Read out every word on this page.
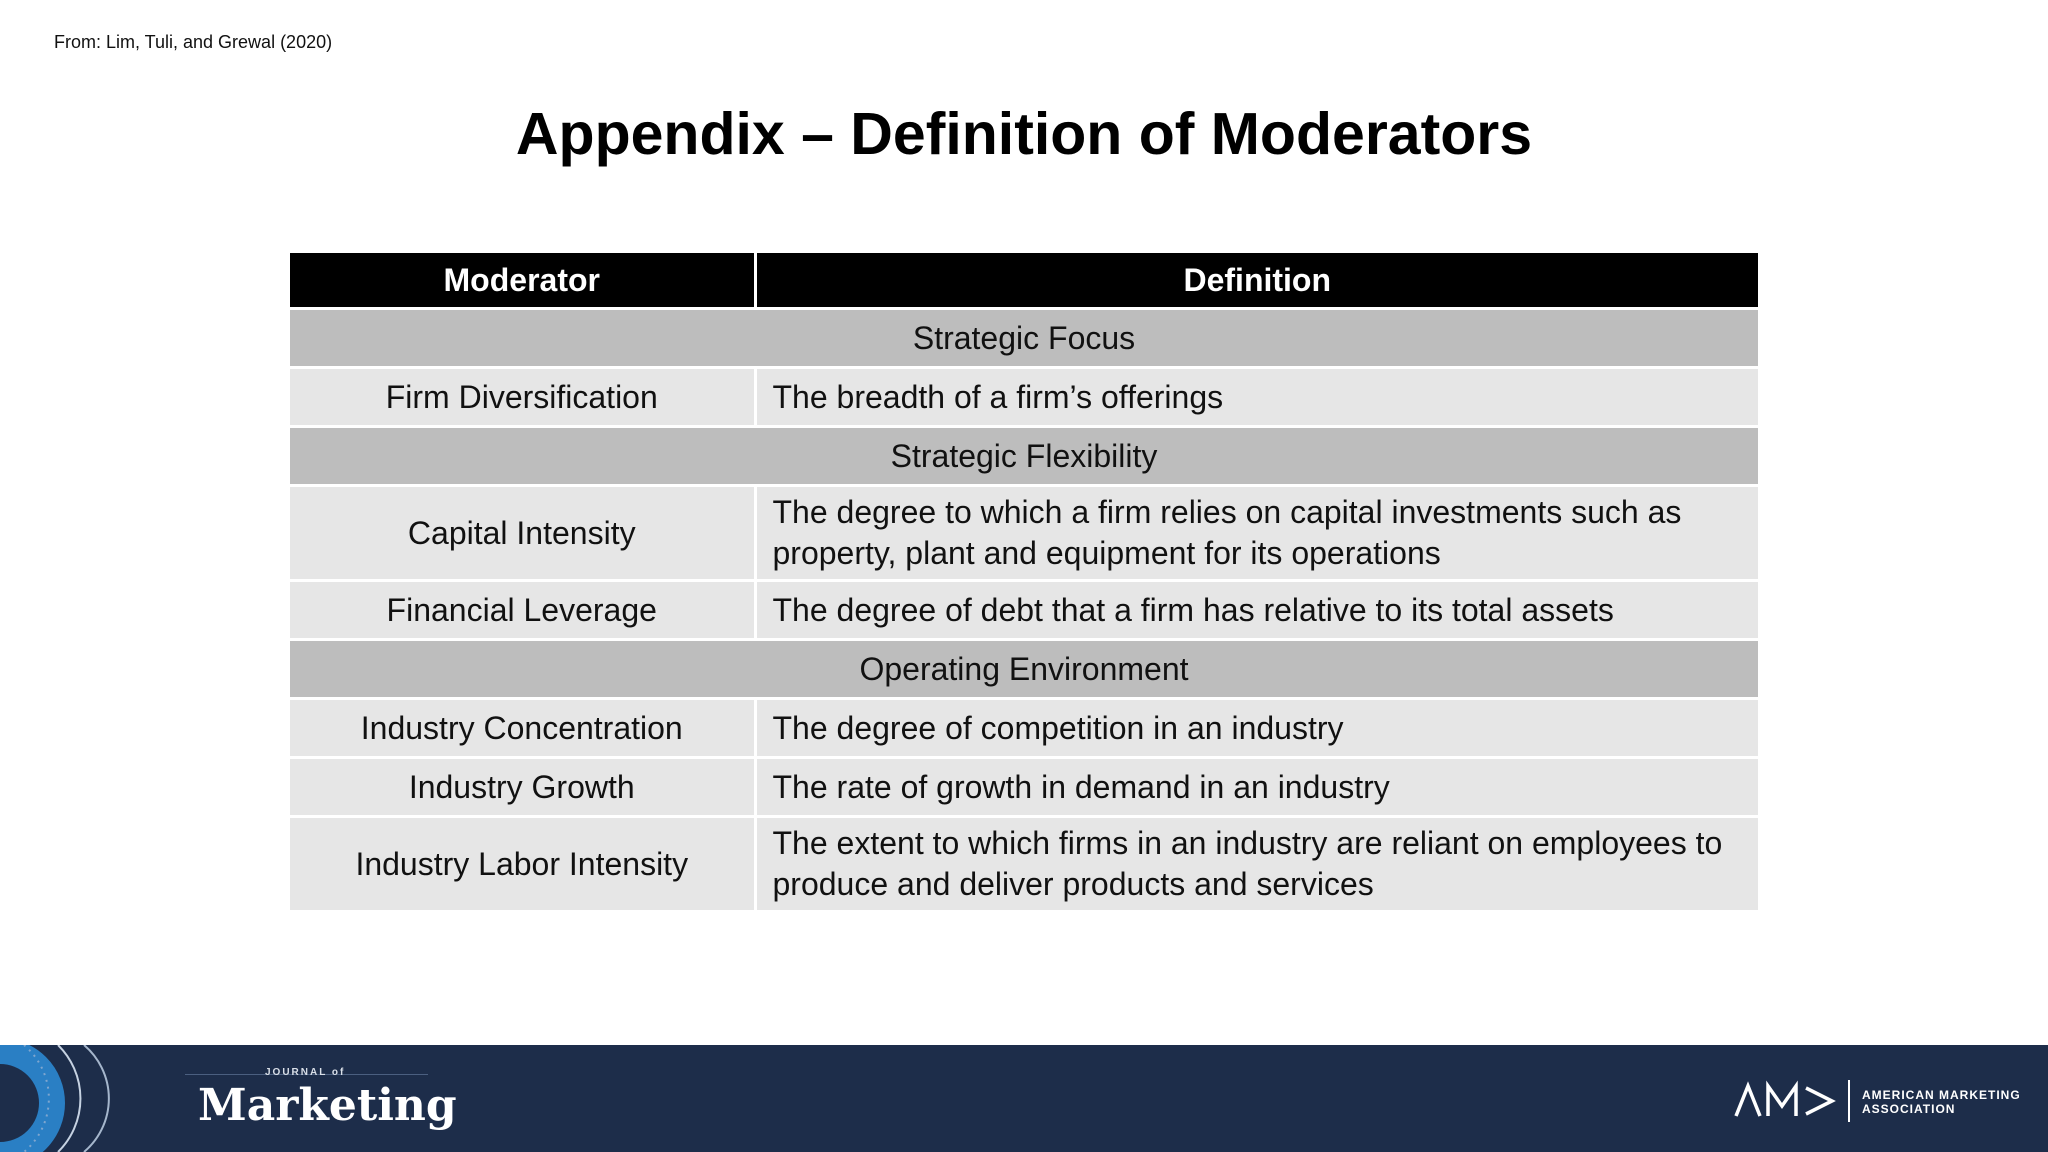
From: Lim, Tuli, and Grewal (2020)
Appendix – Definition of Moderators
Moderator	Definition
Strategic Focus	
Firm Diversification	The breadth of a firm’s offerings
Strategic Flexibility	
Capital Intensity	The degree to which a firm relies on capital investments such as property, plant and equipment for its operations
Financial Leverage	The degree of debt that a firm has relative to its total assets
Operating Environment	
Industry Concentration	The degree of competition in an industry
Industry Growth	The rate of growth in demand in an industry
Industry Labor Intensity	The extent to which firms in an industry are reliant on employees to produce and deliver products and services
JOURNAL of
Marketing	AMERICAN MARKETING
ASSOCIATION
